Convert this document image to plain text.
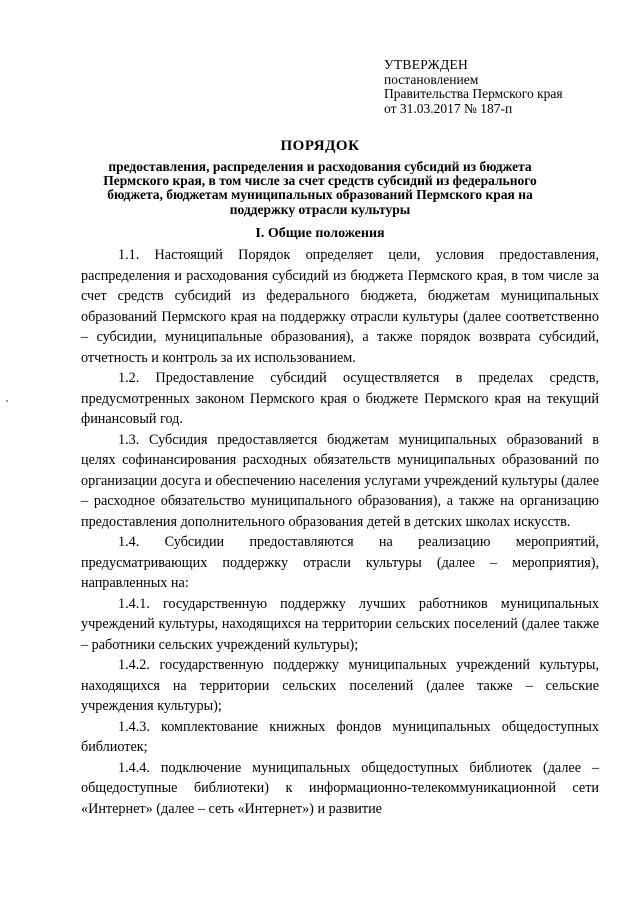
УТВЕРЖДЕН
постановлением
Правительства Пермского края
от 31.03.2017 № 187-п
ПОРЯДОК
предоставления, распределения и расходования субсидий из бюджета Пермского края, в том числе за счет средств субсидий из федерального бюджета, бюджетам муниципальных образований Пермского края на поддержку отрасли культуры
I. Общие положения

1.1. Настоящий Порядок определяет цели, условия предоставления, распределения и расходования субсидий из бюджета Пермского края, в том числе за счет средств субсидий из федерального бюджета, бюджетам муниципальных образований Пермского края на поддержку отрасли культуры (далее соответственно – субсидии, муниципальные образования), а также порядок возврата субсидий, отчетность и контроль за их использованием.

1.2. Предоставление субсидий осуществляется в пределах средств, предусмотренных законом Пермского края о бюджете Пермского края на текущий финансовый год.

1.3. Субсидия предоставляется бюджетам муниципальных образований в целях софинансирования расходных обязательств муниципальных образований по организации досуга и обеспечению населения услугами учреждений культуры (далее – расходное обязательство муниципального образования), а также на организацию предоставления дополнительного образования детей в детских школах искусств.

1.4. Субсидии предоставляются на реализацию мероприятий, предусматривающих поддержку отрасли культуры (далее – мероприятия), направленных на:

1.4.1. государственную поддержку лучших работников муниципальных учреждений культуры, находящихся на территории сельских поселений (далее также – работники сельских учреждений культуры);

1.4.2. государственную поддержку муниципальных учреждений культуры, находящихся на территории сельских поселений (далее также – сельские учреждения культуры);

1.4.3. комплектование книжных фондов муниципальных общедоступных библиотек;

1.4.4. подключение муниципальных общедоступных библиотек (далее – общедоступные библиотеки) к информационно-телекоммуникационной сети «Интернет» (далее – сеть «Интернет») и развитие
